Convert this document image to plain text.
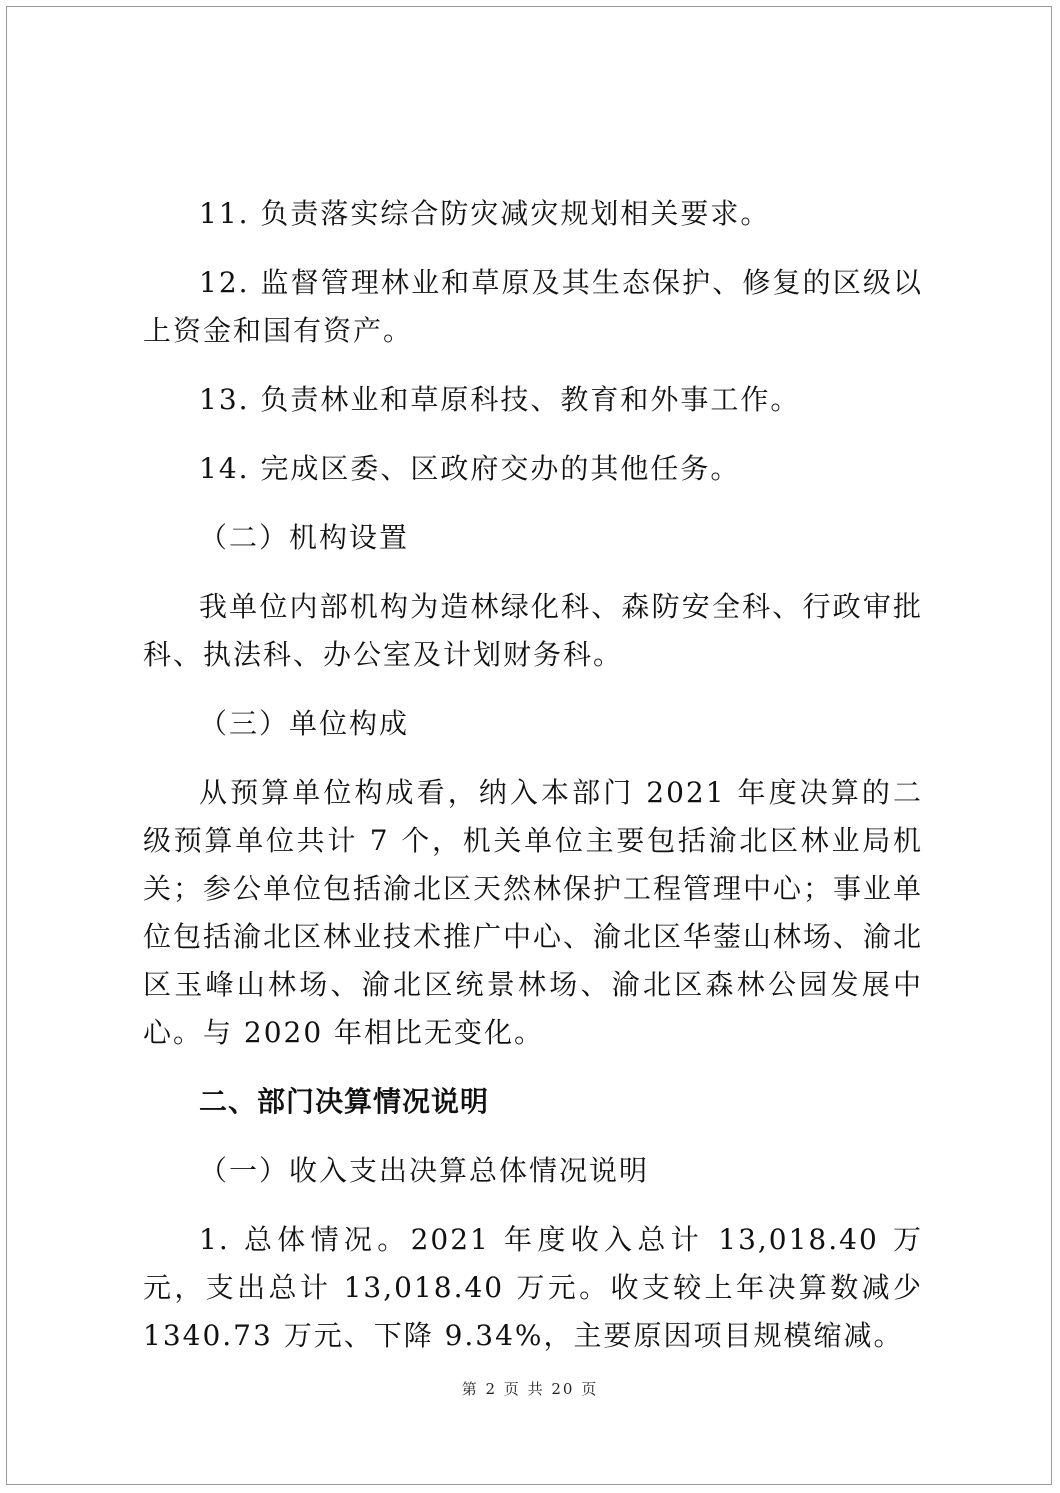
11. 负责落实综合防灾减灾规划相关要求。

12. 监督管理林业和草原及其生态保护、修复的区级以上资金和国有资产。

13. 负责林业和草原科技、教育和外事工作。

14. 完成区委、区政府交办的其他任务。

（二）机构设置

我单位内部机构为造林绿化科、森防安全科、行政审批科、执法科、办公室及计划财务科。

（三）单位构成

从预算单位构成看，纳入本部门 2021 年度决算的二级预算单位共计 7 个，机关单位主要包括渝北区林业局机关；参公单位包括渝北区天然林保护工程管理中心；事业单位包括渝北区林业技术推广中心、渝北区华蓥山林场、渝北区玉峰山林场、渝北区统景林场、渝北区森林公园发展中心。与 2020 年相比无变化。

二、部门决算情况说明

（一）收入支出决算总体情况说明

1. 总体情况。2021 年度收入总计 13,018.40 万元，支出总计 13,018.40 万元。收支较上年决算数减少 1340.73 万元、下降 9.34%，主要原因项目规模缩减。

第 2 页 共 20 页
